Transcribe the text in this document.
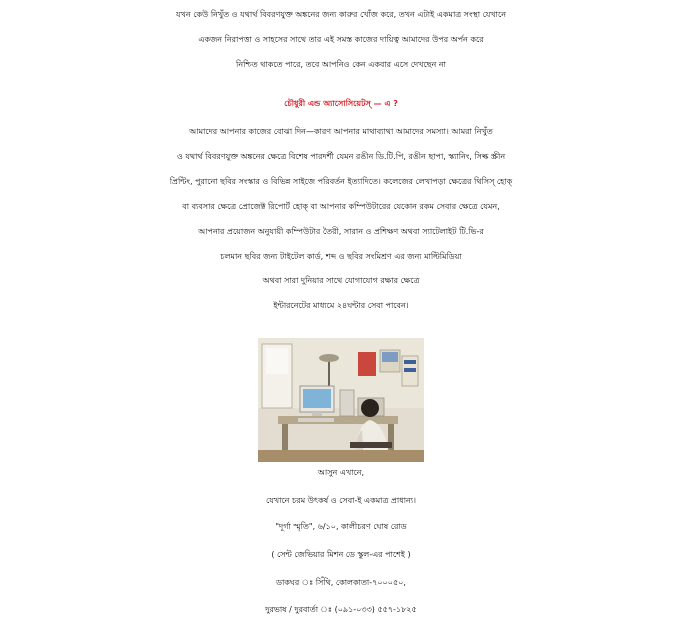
যখন কেউ নিখুঁত ও যথার্থ বিবরণযুক্ত অঙ্কনের জন্য কারুর খোঁজ করে, তখন এটাই একমাত্র সংস্থা যেখানে
একজন নিরাপত্তা ও সাহসের সাথে তার এই সমস্ত কাজের দায়িত্ব আমাদের উপর অর্পন করে
নিশ্চিত থাকতে পারে, তবে আপনিও কেন একবার এসে দেখছেন না
চৌধুরী এন্ড অ্যাসোসিয়েটস্ — এ ?
আমাদের আপনার কাজের বোঝা দিন—কারণ আপনার মাথাব্যাথা আমাদের সমস্যা। আমরা নিখুঁত
ও যথার্থ বিবরণযুক্ত অঙ্কনের ক্ষেত্রে বিশেষ পারদর্শী যেমন রঙীন ডি.টি.পি, রঙীন ছাপা, স্ক্যানিং, সিল্ক স্ক্রীন
প্রিন্টিং, পুরানো ছবির সংস্কার ও বিভিন্ন সাইজে পরিবর্তন ইত্যাদিতে। কলেজের লেখাপড়া ক্ষেত্রের থিসিস্ হোক্
বা ব্যবসার ক্ষেত্রে প্রোজেক্ট রিপোর্ট হোক্ বা আপনার কম্পিউটারের যেকোন রকম সেবার ক্ষেত্রে যেমন,
আপনার প্রয়োজন অনুযায়ী কম্পিউটার তৈরী, সারান ও প্রশিক্ষণ অথবা স্যাটেলাইট টি.ভি-র
চলমান ছবির জন্য টাইটেল কার্ড, শব্দ ও ছবির সংমিশ্রণ এর জন্য মাল্টিমিডিয়া
অথবা সারা দুনিয়ার সাথে যোগাযোগ রক্ষার ক্ষেত্রে
ইন্টারনেটের মাধ্যমে ২৪ঘন্টার সেবা পাবেন।
আসুন এখানে,
যেখানে চরম উৎকর্ষ ও সেবা-ই একমাত্র প্রাধান্য।
"দূর্গা স্মৃতি", ৬/১০, কালীচরণ ঘোষ রোড
( সেন্ট জেভিয়ার মিশন ডে স্কুল-এর পাশেই )
ডাকঘর ঃ সিঁথি, কোলকাতা-৭০০০৫০,
দুরভাষ / দুরবার্তা ঃ (০৯১-০৩৩) ৫৫৭-১৮২৫
